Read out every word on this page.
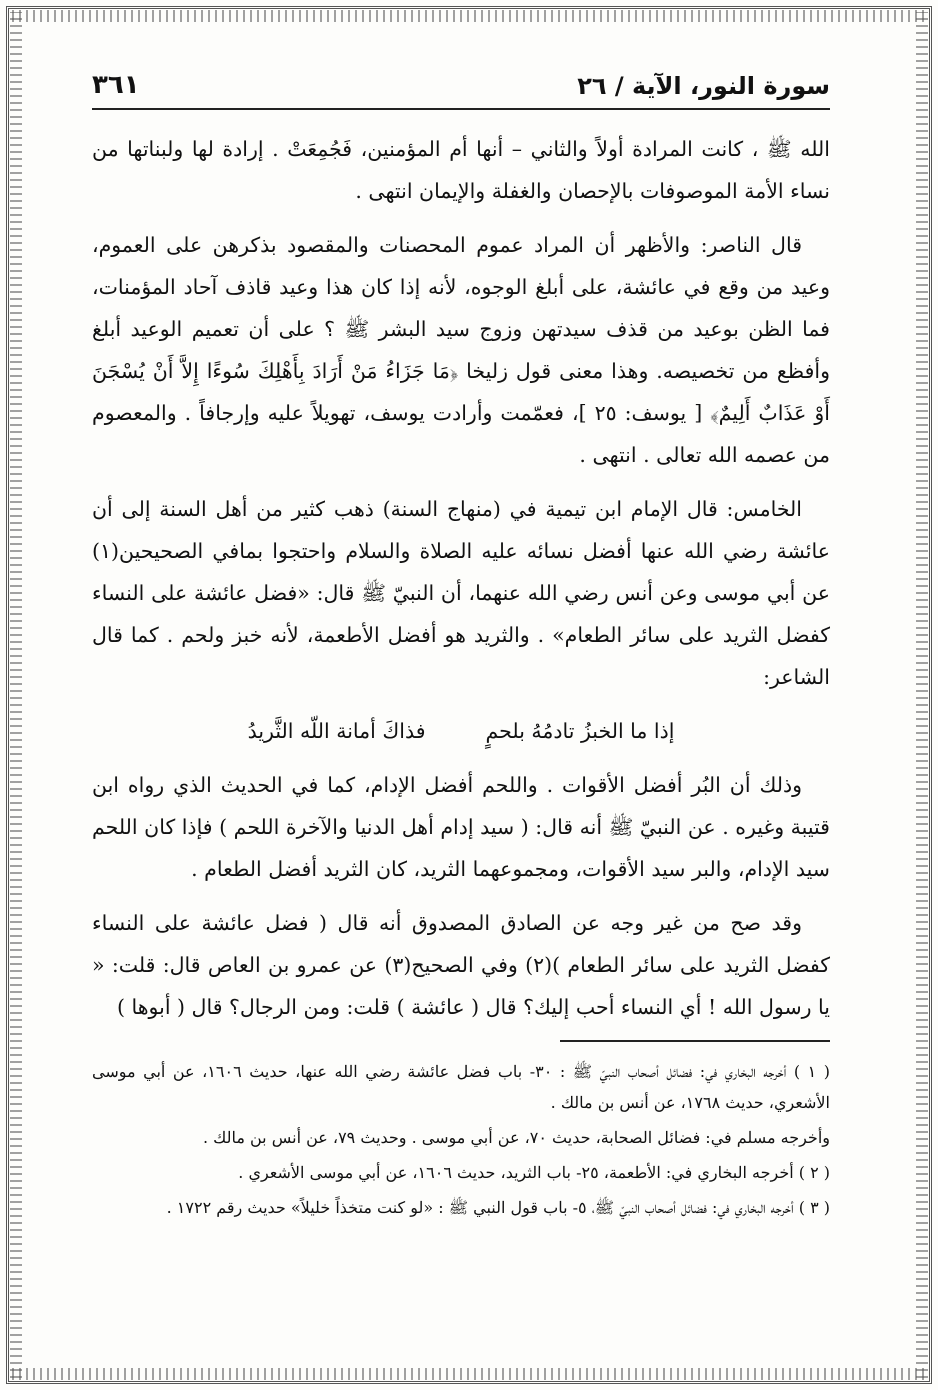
سورة النور، الآية / ٢٦
٣٦١

الله ﷺ ، كانت المرادة أولاً والثاني – أنها أم المؤمنين، فَجُمِعَتْ . إرادة لها ولبناتها من نساء الأمة الموصوفات بالإحصان والغفلة والإيمان انتهى .

قال الناصر: والأظهر أن المراد عموم المحصنات والمقصود بذكرهن على العموم، وعيد من وقع في عائشة، على أبلغ الوجوه، لأنه إذا كان هذا وعيد قاذف آحاد المؤمنات، فما الظن بوعيد من قذف سيدتهن وزوج سيد البشر ﷺ ؟ على أن تعميم الوعيد أبلغ وأفظع من تخصيصه. وهذا معنى قول زليخا ﴿مَا جَزَاءُ مَنْ أَرَادَ بِأَهْلِكَ سُوءًا إِلاَّ أَنْ يُسْجَنَ أَوْ عَذَابٌ أَلِيمٌ﴾ [ يوسف: ٢٥ ]، فعمّمت وأرادت يوسف، تهويلاً عليه وإرجافاً . والمعصوم من عصمه الله تعالى . انتهى .

الخامس: قال الإمام ابن تيمية في (منهاج السنة) ذهب كثير من أهل السنة إلى أن عائشة رضي الله عنها أفضل نسائه عليه الصلاة والسلام واحتجوا بمافي الصحيحين(١) عن أبي موسى وعن أنس رضي الله عنهما، أن النبيّ ﷺ قال: «فضل عائشة على النساء كفضل الثريد على سائر الطعام» . والثريد هو أفضل الأطعمة، لأنه خبز ولحم . كما قال الشاعر:

إذا ما الخبزُ تادمُهُ بلحمٍ
فذاكَ أمانة اللّه الثَّريدُ

وذلك أن البُر أفضل الأقوات . واللحم أفضل الإدام، كما في الحديث الذي رواه ابن قتيبة وغيره . عن النبيّ ﷺ أنه قال: ( سيد إدام أهل الدنيا والآخرة اللحم ) فإذا كان اللحم سيد الإدام، والبر سيد الأقوات، ومجموعهما الثريد، كان الثريد أفضل الطعام .

وقد صح من غير وجه عن الصادق المصدوق أنه قال ( فضل عائشة على النساء كفضل الثريد على سائر الطعام )(٢) وفي الصحيح(٣) عن عمرو بن العاص قال: قلت: « يا رسول الله ! أي النساء أحب إليك؟ قال ( عائشة ) قلت: ومن الرجال؟ قال ( أبوها )

( ١ ) أخرجه البخاري في: فضائل أصحاب النبيّ ﷺ : ٣٠- باب فضل عائشة رضي الله عنها، حديث ١٦٠٦، عن أبي موسى الأشعري، حديث ١٧٦٨، عن أنس بن مالك .

وأخرجه مسلم في: فضائل الصحابة، حديث ٧٠، عن أبي موسى . وحديث ٧٩، عن أنس بن مالك .

( ٢ ) أخرجه البخاري في: الأطعمة، ٢٥- باب الثريد، حديث ١٦٠٦، عن أبي موسى الأشعري .

( ٣ ) أخرجه البخاري في: فضائل أصحاب النبيّ ﷺ، ٥- باب قول النبي ﷺ : «لو كنت متخذاً خليلاً» حديث رقم ١٧٢٢ .
